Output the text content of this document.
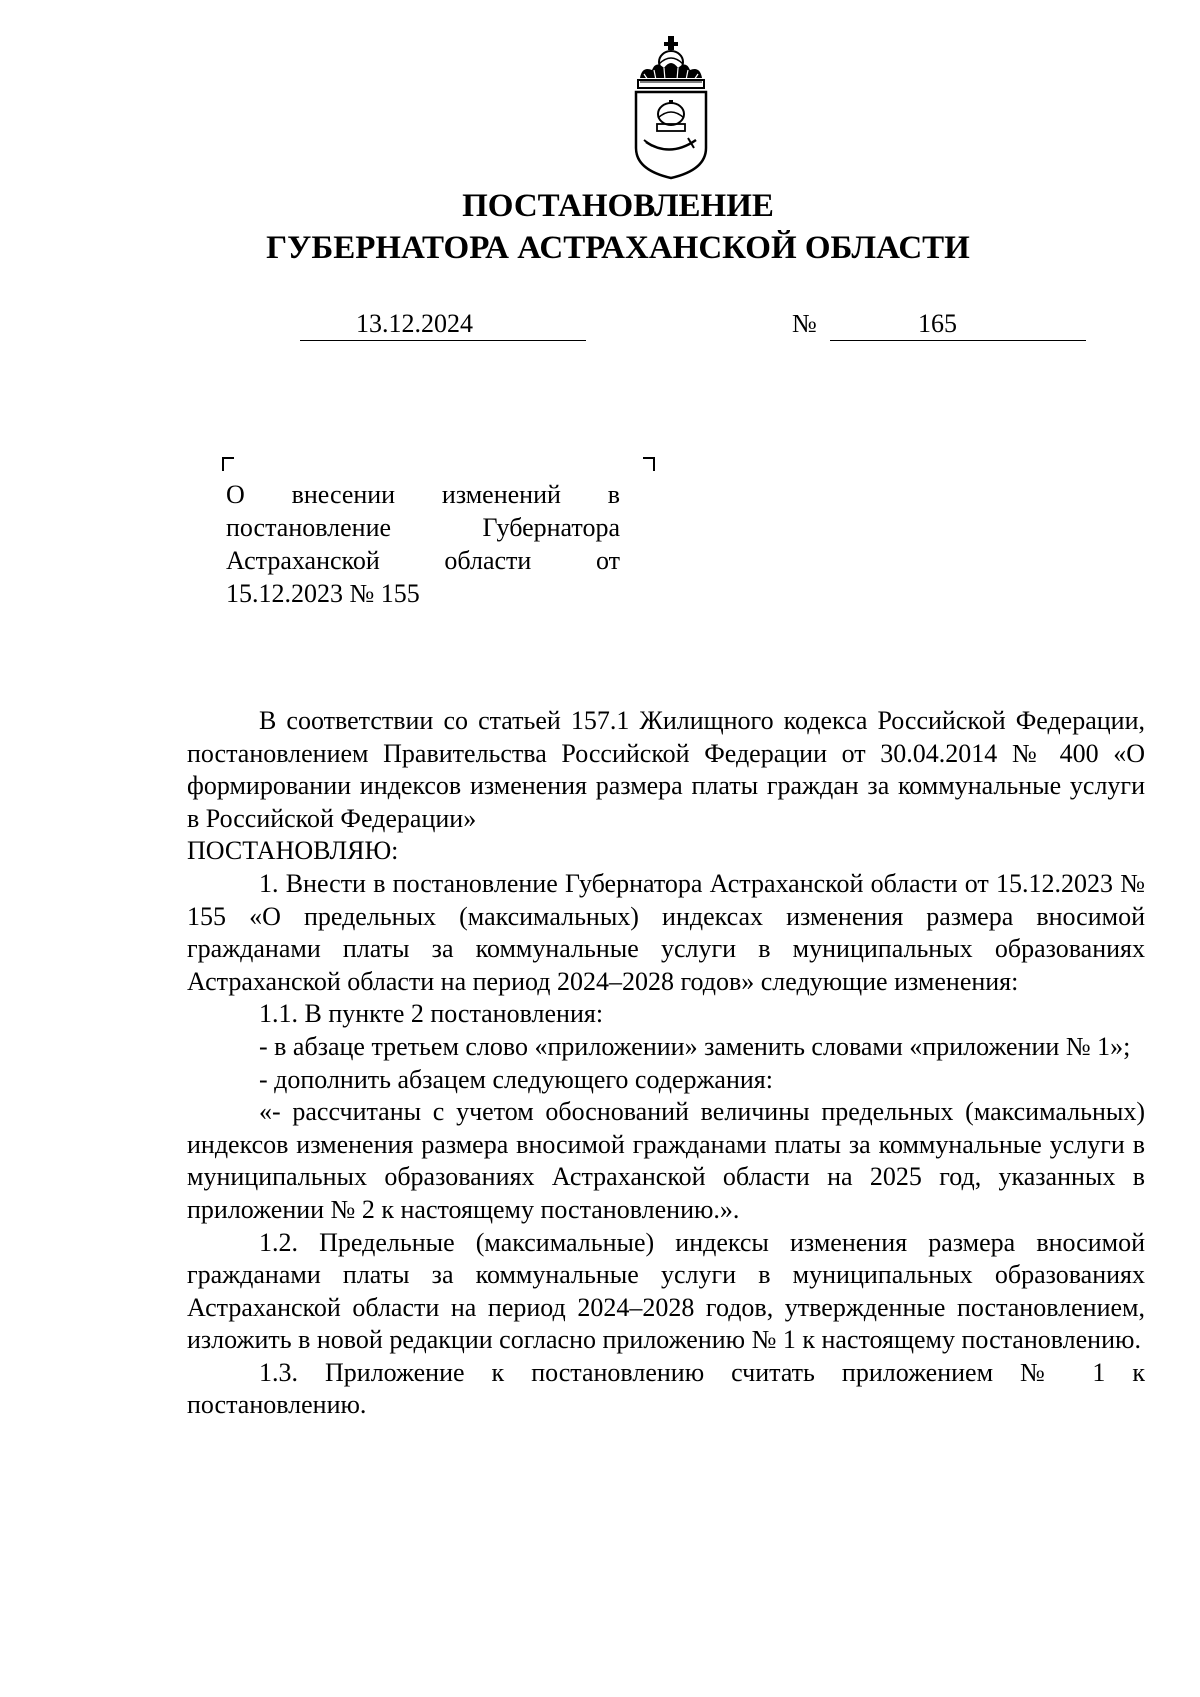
ПОСТАНОВЛЕНИЕ
ГУБЕРНАТОРА АСТРАХАНСКОЙ ОБЛАСТИ
13.12.2024	№	165
О внесении изменений в
постановление Губернатора
Астраханской области от
15.12.2023 № 155
В соответствии со статьей 157.1 Жилищного кодекса Российской Федерации, постановлением Правительства Российской Федерации от 30.04.2014 № 400 «О формировании индексов изменения размера платы граждан за коммунальные услуги в Российской Федерации»
ПОСТАНОВЛЯЮ:
1. Внести в постановление Губернатора Астраханской области от 15.12.2023 № 155 «О предельных (максимальных) индексах изменения размера вносимой гражданами платы за коммунальные услуги в муниципальных образованиях Астраханской области на период 2024–2028 годов» следующие изменения:
1.1. В пункте 2 постановления:
- в абзаце третьем слово «приложении» заменить словами «приложении № 1»;
- дополнить абзацем следующего содержания:
«- рассчитаны с учетом обоснований величины предельных (максимальных) индексов изменения размера вносимой гражданами платы за коммунальные услуги в муниципальных образованиях Астраханской области на 2025 год, указанных в приложении № 2 к настоящему постановлению.».
1.2. Предельные (максимальные) индексы изменения размера вносимой гражданами платы за коммунальные услуги в муниципальных образованиях Астраханской области на период 2024–2028 годов, утвержденные постановлением, изложить в новой редакции согласно приложению № 1 к настоящему постановлению.
1.3. Приложение к постановлению считать приложением № 1 к постановлению.
